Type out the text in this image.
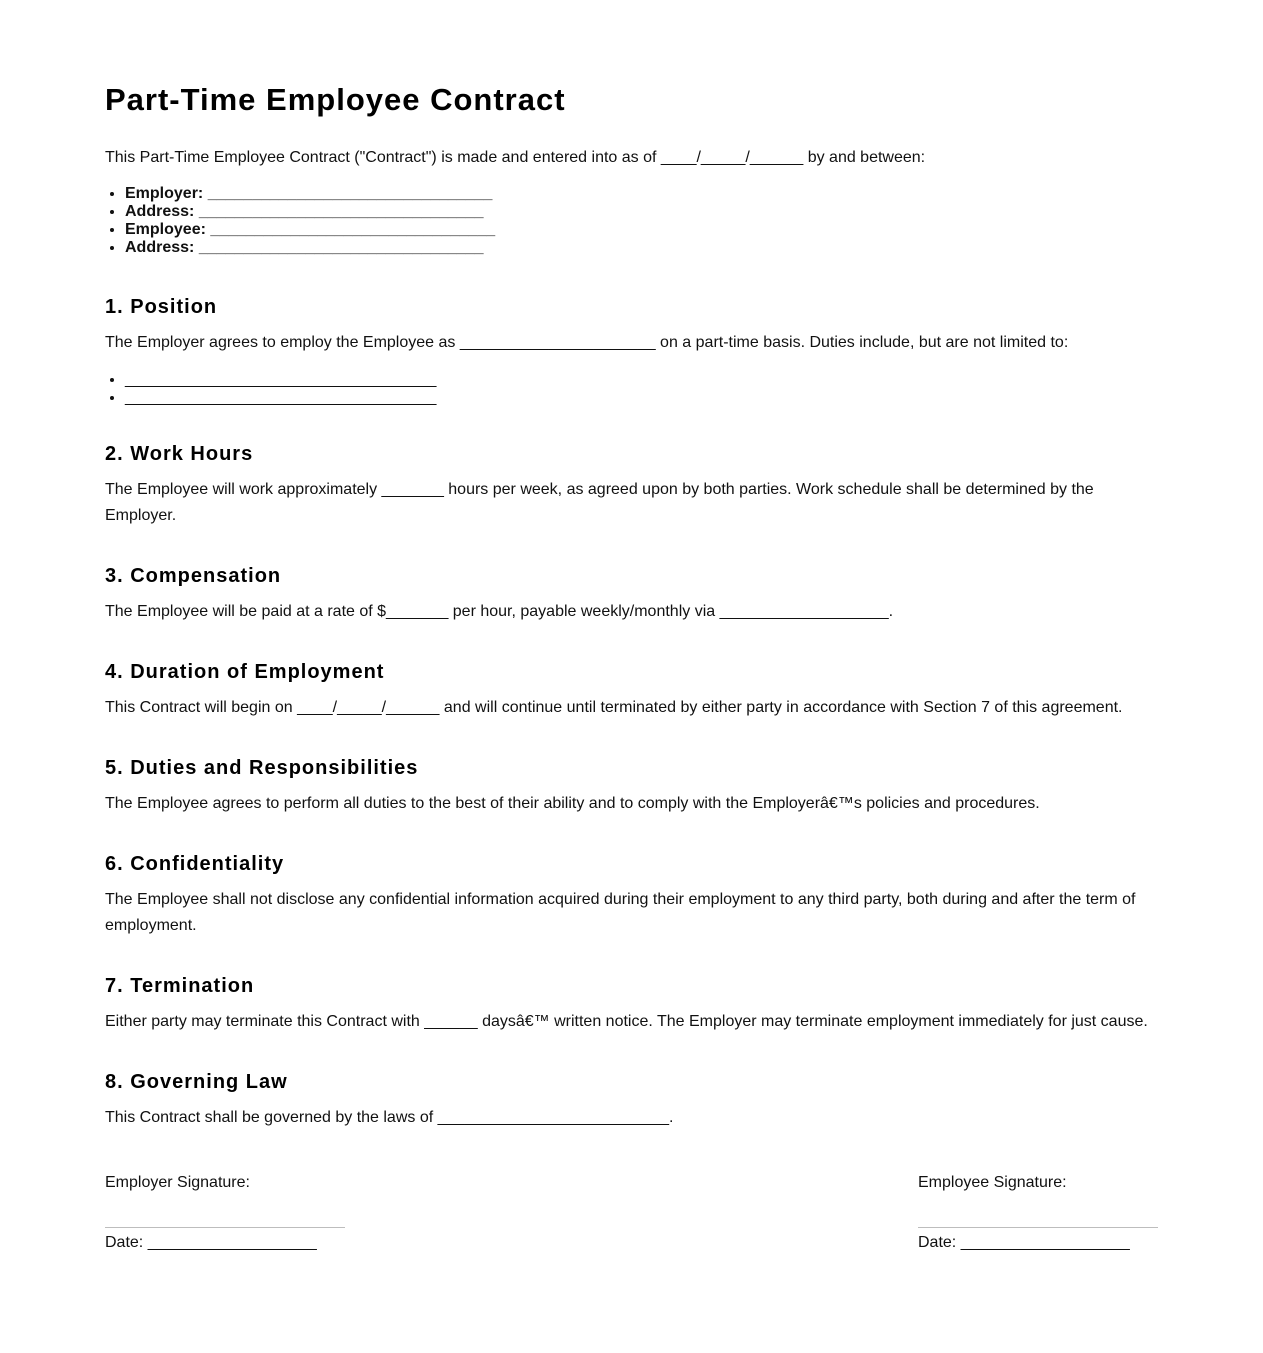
Part-Time Employee Contract

This Part-Time Employee Contract ("Contract") is made and entered into as of ____/_____/______ by and between:

• Employer: ________________________________
• Address: ________________________________
• Employee: ________________________________
• Address: ________________________________
1. Position

The Employer agrees to employ the Employee as ______________________ on a part-time basis. Duties include, but are not limited to:

• ___________________________________
• ___________________________________
2. Work Hours

The Employee will work approximately _______ hours per week, as agreed upon by both parties. Work schedule shall be determined by the Employer.

3. Compensation

The Employee will be paid at a rate of $_______ per hour, payable weekly/monthly via ___________________.

4. Duration of Employment

This Contract will begin on ____/_____/______ and will continue until terminated by either party in accordance with Section 7 of this agreement.

5. Duties and Responsibilities

The Employee agrees to perform all duties to the best of their ability and to comply with the Employerâ€™s policies and procedures.

6. Confidentiality

The Employee shall not disclose any confidential information acquired during their employment to any third party, both during and after the term of employment.

7. Termination

Either party may terminate this Contract with ______ daysâ€™ written notice. The Employer may terminate employment immediately for just cause.

8. Governing Law

This Contract shall be governed by the laws of __________________________.

Employer Signature:
Date: ___________________
Employee Signature:
Date: ___________________
